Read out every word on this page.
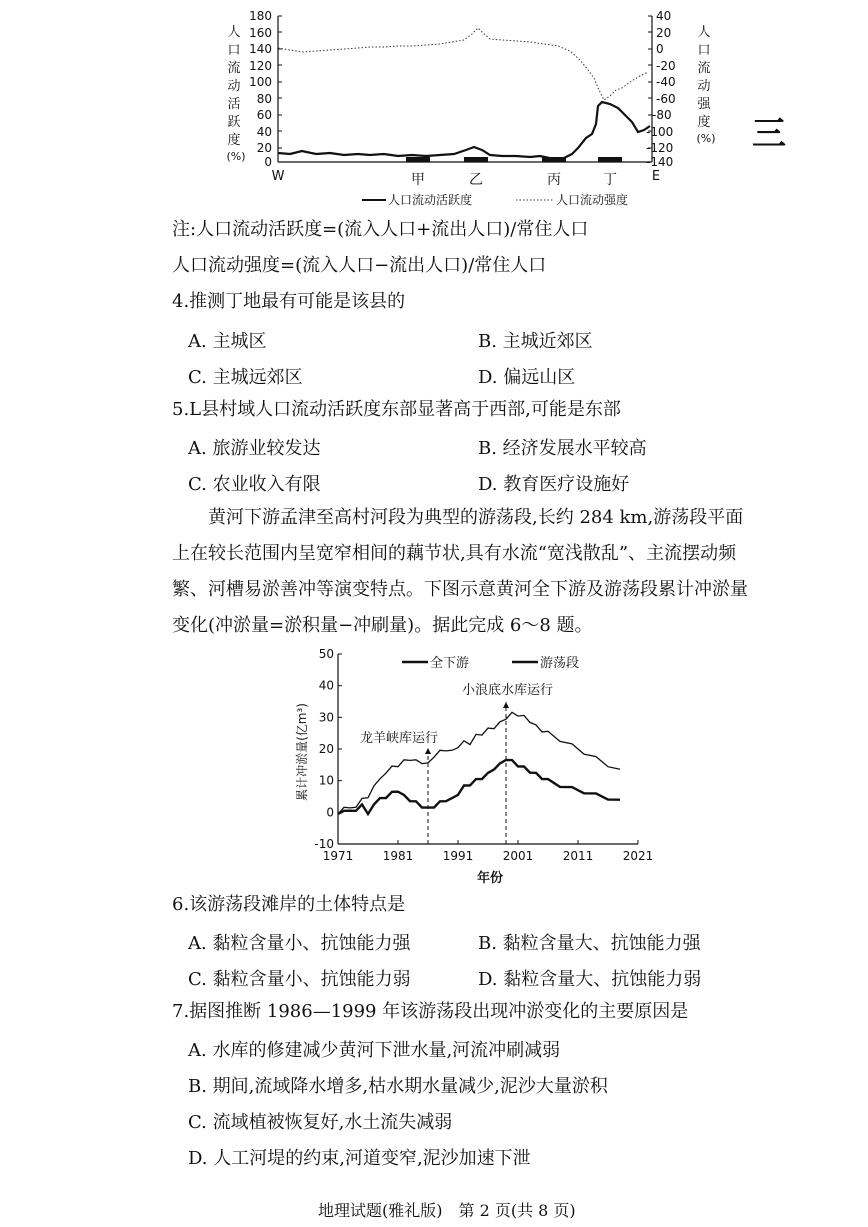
人
口
流
动
活
跃
度
(%)
180
160
140
120
100
80
60
40
20
0
40
20
0
-20
-40
-60
-80
-100
-120
-140
W	E
甲	乙	丙	丁
人口流动活跃度	人口流动强度
人
口
流
动
强
度
(%) 三
注:人口流动活跃度=(流入人口+流出人口)/常住人口
人口流动强度=(流入人口−流出人口)/常住人口
4.推测丁地最有可能是该县的
A. 主城区	B. 主城近郊区
C. 主城远郊区	D. 偏远山区
5.L县村域人口流动活跃度东部显著高于西部,可能是东部
A. 旅游业较发达	B. 经济发展水平较高
C. 农业收入有限	D. 教育医疗设施好

　　黄河下游孟津至高村河段为典型的游荡段,长约 284 km,游荡段平面

上在较长范围内呈宽窄相间的藕节状,具有水流“宽浅散乱”、主流摆动频

繁、河槽易淤善冲等演变特点。下图示意黄河全下游及游荡段累计冲淤量

变化(冲淤量=淤积量−冲刷量)。据此完成 6～8 题。

累计冲淤量(亿m³)
年份
50
40
30
20
10
0
-10
1971 1981 1991 2001 2011 2021
全下游	游荡段
龙羊峡库运行
小浪底水库运行
6.该游荡段滩岸的土体特点是
A. 黏粒含量小、抗蚀能力强	B. 黏粒含量大、抗蚀能力强
C. 黏粒含量小、抗蚀能力弱	D. 黏粒含量大、抗蚀能力弱
7.据图推断 1986—1999 年该游荡段出现冲淤变化的主要原因是
A. 水库的修建减少黄河下泄水量,河流冲刷减弱
B. 期间,流域降水增多,枯水期水量减少,泥沙大量淤积
C. 流域植被恢复好,水土流失减弱
D. 人工河堤的约束,河道变窄,泥沙加速下泄
地理试题(雅礼版)　第 2 页(共 8 页)
